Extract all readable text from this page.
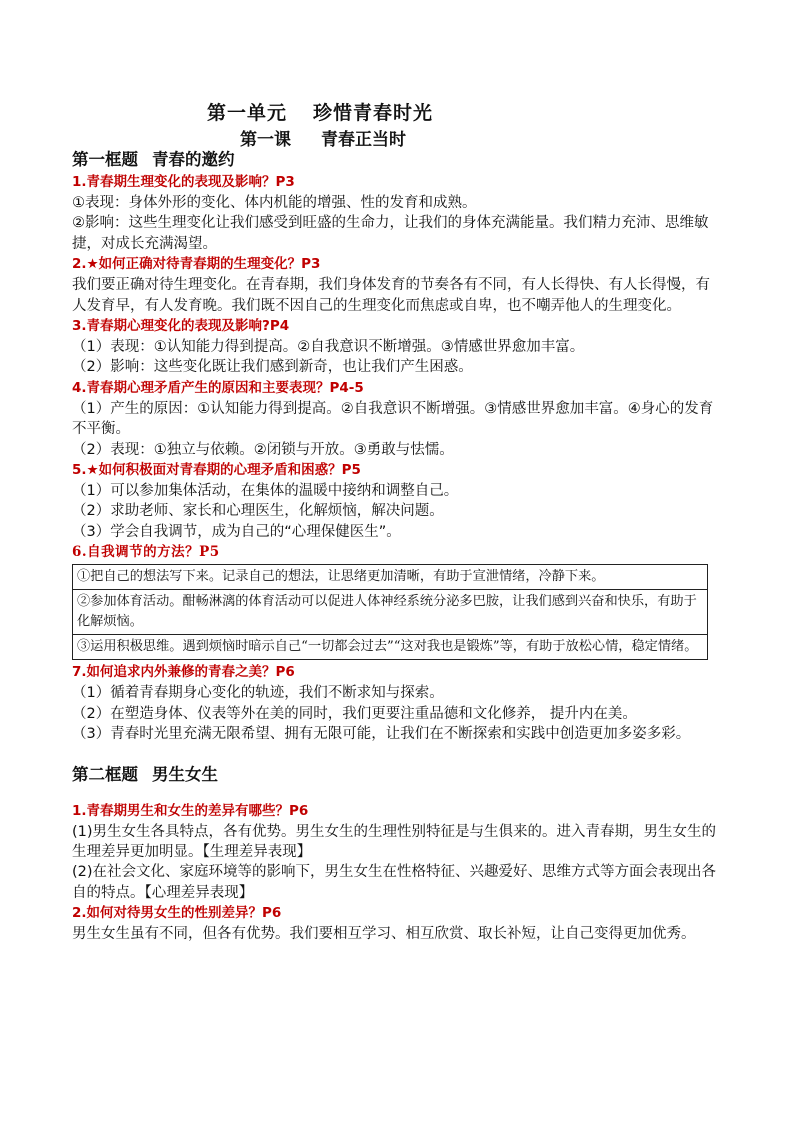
第一单元 珍惜青春时光
第一课 青春正当时
第一框题 青春的邀约
1.青春期生理变化的表现及影响？P3
①表现：身体外形的变化、体内机能的增强、性的发育和成熟。
②影响：这些生理变化让我们感受到旺盛的生命力，让我们的身体充满能量。我们精力充沛、思维敏捷，对成长充满渴望。
2.★如何正确对待青春期的生理变化？P3
我们要正确对待生理变化。在青春期，我们身体发育的节奏各有不同，有人长得快、有人长得慢，有人发育早，有人发育晚。我们既不因自己的生理变化而焦虑或自卑，也不嘲弄他人的生理变化。
3.青春期心理变化的表现及影响?P4
（1）表现：①认知能力得到提高。②自我意识不断增强。③情感世界愈加丰富。
（2）影响：这些变化既让我们感到新奇，也让我们产生困惑。
4.青春期心理矛盾产生的原因和主要表现？P4-5
（1）产生的原因：①认知能力得到提高。②自我意识不断增强。③情感世界愈加丰富。④身心的发育不平衡。
（2）表现：①独立与依赖。②闭锁与开放。③勇敢与怯懦。
5.★如何积极面对青春期的心理矛盾和困惑？P5
（1）可以参加集体活动，在集体的温暖中接纳和调整自己。
（2）求助老师、家长和心理医生，化解烦恼，解决问题。
（3）学会自我调节，成为自己的“心理保健医生”。
6.自我调节的方法？P5
①把自己的想法写下来。记录自己的想法，让思绪更加清晰，有助于宣泄情绪，冷静下来。
②参加体育活动。酣畅淋漓的体育活动可以促进人体神经系统分泌多巴胺，让我们感到兴奋和快乐，有助于化解烦恼。
③运用积极思维。遇到烦恼时暗示自己“一切都会过去”“这对我也是锻炼”等，有助于放松心情，稳定情绪。
7.如何追求内外兼修的青春之美？P6
（1）循着青春期身心变化的轨迹，我们不断求知与探索。
（2）在塑造身体、仪表等外在美的同时，我们更要注重品德和文化修养， 提升内在美。
（3）青春时光里充满无限希望、拥有无限可能，让我们在不断探索和实践中创造更加多姿多彩。
第二框题 男生女生
1.青春期男生和女生的差异有哪些？P6
(1)男生女生各具特点，各有优势。男生女生的生理性别特征是与生俱来的。进入青春期，男生女生的生理差异更加明显。【生理差异表现】
(2)在社会文化、家庭环境等的影响下，男生女生在性格特征、兴趣爱好、思维方式等方面会表现出各自的特点。【心理差异表现】
2.如何对待男女生的性别差异？P6
男生女生虽有不同，但各有优势。我们要相互学习、相互欣赏、取长补短，让自己变得更加优秀。
